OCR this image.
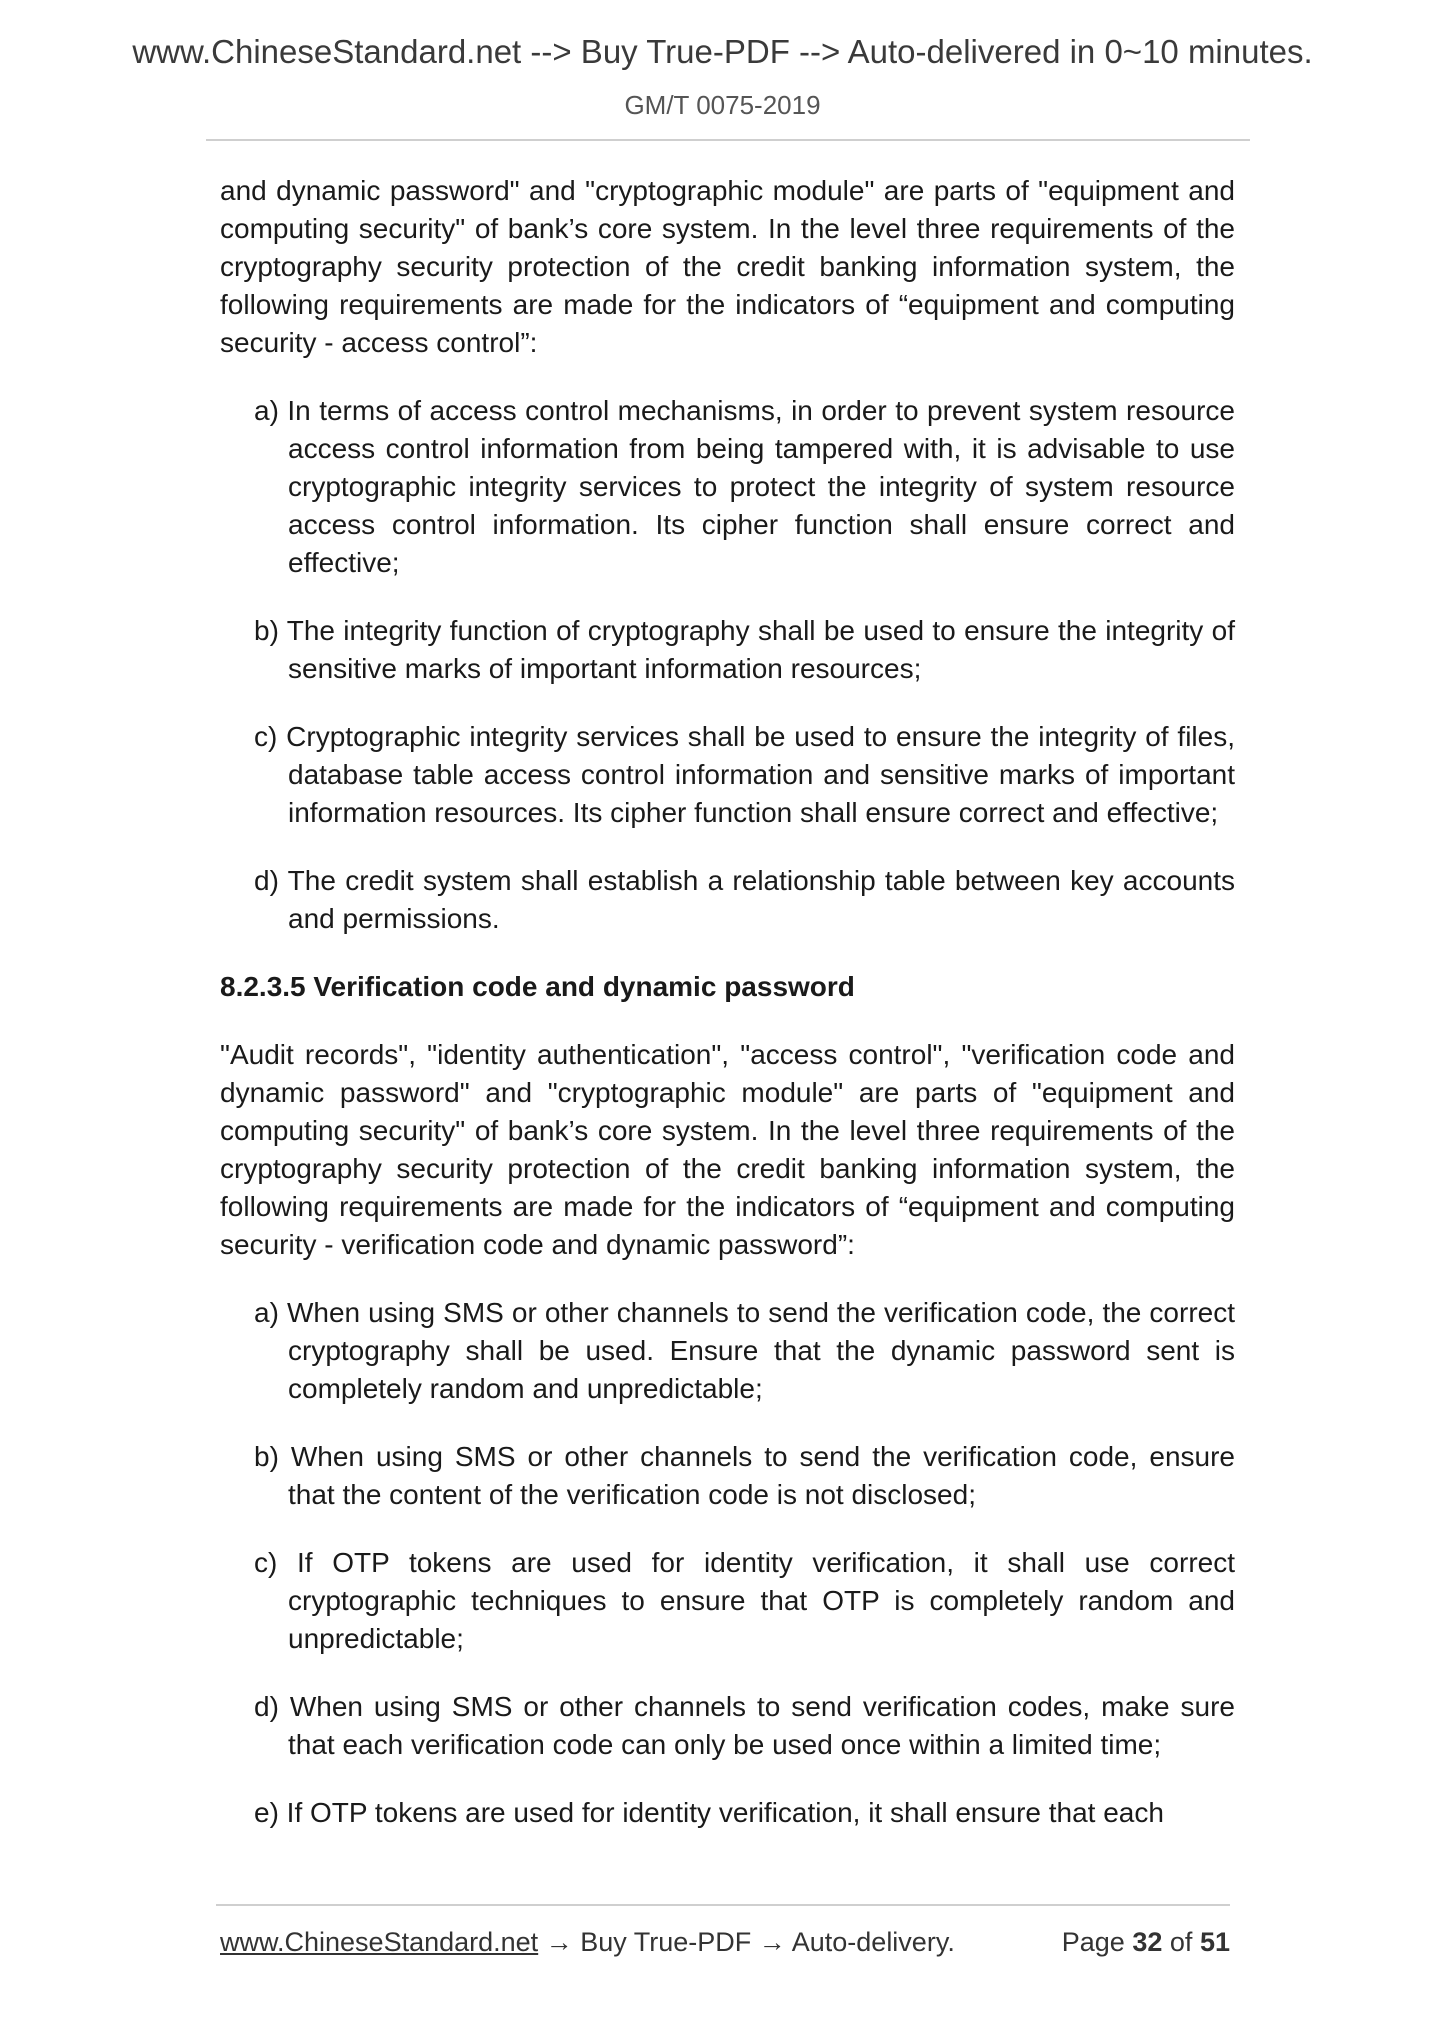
www.ChineseStandard.net --> Buy True-PDF --> Auto-delivered in 0~10 minutes.
GM/T 0075-2019

and dynamic password" and "cryptographic module" are parts of "equipment and computing security" of bank’s core system. In the level three requirements of the cryptography security protection of the credit banking information system, the following requirements are made for the indicators of “equipment and computing security - access control”:

a) In terms of access control mechanisms, in order to prevent system resource access control information from being tampered with, it is advisable to use cryptographic integrity services to protect the integrity of system resource access control information. Its cipher function shall ensure correct and effective;
b) The integrity function of cryptography shall be used to ensure the integrity of sensitive marks of important information resources;
c) Cryptographic integrity services shall be used to ensure the integrity of files, database table access control information and sensitive marks of important information resources. Its cipher function shall ensure correct and effective;
d) The credit system shall establish a relationship table between key accounts and permissions.
8.2.3.5 Verification code and dynamic password

"Audit records", "identity authentication", "access control", "verification code and dynamic password" and "cryptographic module" are parts of "equipment and computing security" of bank’s core system. In the level three requirements of the cryptography security protection of the credit banking information system, the following requirements are made for the indicators of “equipment and computing security - verification code and dynamic password”:

a) When using SMS or other channels to send the verification code, the correct cryptography shall be used. Ensure that the dynamic password sent is completely random and unpredictable;
b) When using SMS or other channels to send the verification code, ensure that the content of the verification code is not disclosed;
c) If OTP tokens are used for identity verification, it shall use correct cryptographic techniques to ensure that OTP is completely random and unpredictable;
d) When using SMS or other channels to send verification codes, make sure that each verification code can only be used once within a limited time;
e) If OTP tokens are used for identity verification, it shall ensure that each
www.ChineseStandard.net → Buy True-PDF → Auto-delivery.	Page 32 of 51
